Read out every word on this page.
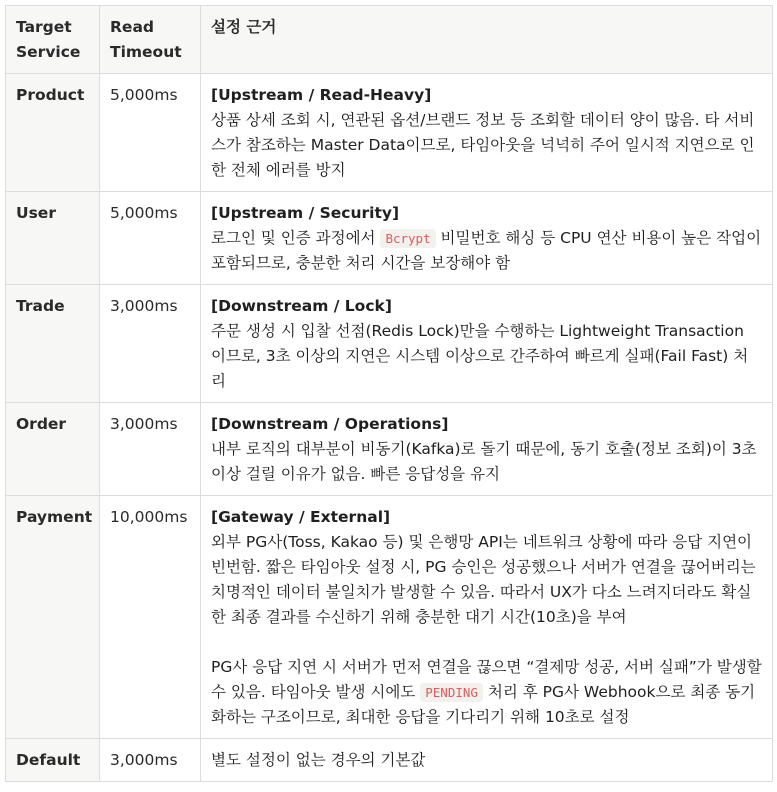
Target Service	Read Timeout	설정 근거
Product	5,000ms	[Upstream / Read-Heavy]
상품 상세 조회 시, 연관된 옵션/브랜드 정보 등 조회할 데이터 양이 많음. 타 서비스가 참조하는 Master Data이므로, 타임아웃을 넉넉히 주어 일시적 지연으로 인한 전체 에러를 방지

User	5,000ms	[Upstream / Security]
로그인 및 인증 과정에서 Bcrypt 비밀번호 해싱 등 CPU 연산 비용이 높은 작업이 포함되므로, 충분한 처리 시간을 보장해야 함

Trade	3,000ms	[Downstream / Lock]
주문 생성 시 입찰 선점(Redis Lock)만을 수행하는 Lightweight Transaction 이므로, 3초 이상의 지연은 시스템 이상으로 간주하여 빠르게 실패(Fail Fast) 처리

Order	3,000ms	[Downstream / Operations]
내부 로직의 대부분이 비동기(Kafka)로 돌기 때문에, 동기 호출(정보 조회)이 3초 이상 걸릴 이유가 없음. 빠른 응답성을 유지

Payment	10,000ms	[Gateway / External]
외부 PG사(Toss, Kakao 등) 및 은행망 API는 네트워크 상황에 따라 응답 지연이 빈번함. 짧은 타임아웃 설정 시, PG 승인은 성공했으나 서버가 연결을 끊어버리는 치명적인 데이터 불일치가 발생할 수 있음. 따라서 UX가 다소 느려지더라도 확실한 최종 결과를 수신하기 위해 충분한 대기 시간(10초)을 부여
PG사 응답 지연 시 서버가 먼저 연결을 끊으면 “결제망 성공, 서버 실패”가 발생할 수 있음. 타임아웃 발생 시에도 PENDING 처리 후 PG사 Webhook으로 최종 동기화하는 구조이므로, 최대한 응답을 기다리기 위해 10초로 설정

Default	3,000ms	별도 설정이 없는 경우의 기본값
